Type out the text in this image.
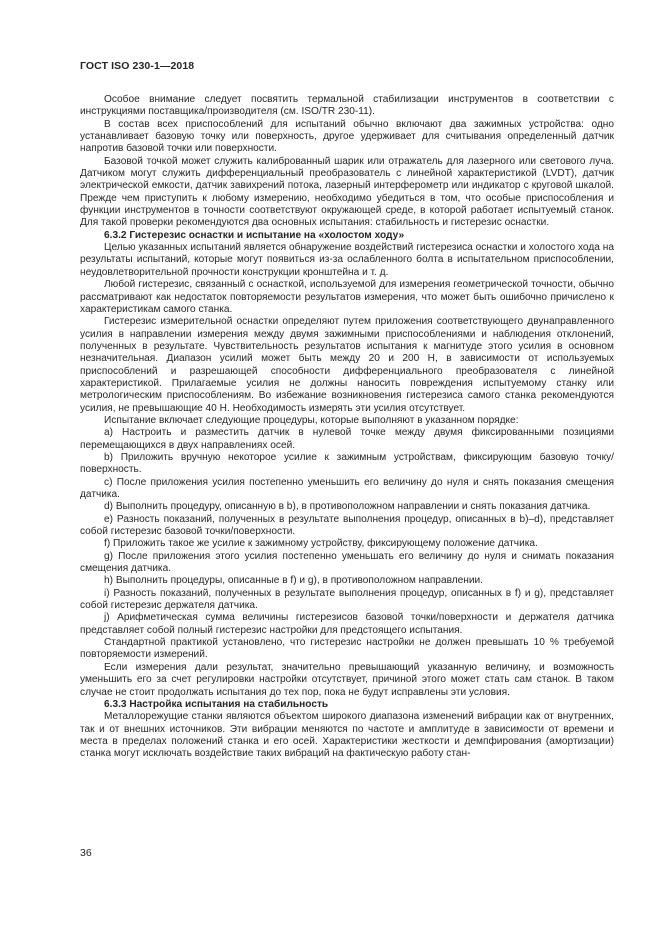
ГОСТ ISO 230-1—2018

Особое внимание следует посвятить термальной стабилизации инструментов в соответствии с инструкциями поставщика/производителя (см. ISO/TR 230-11).

В состав всех приспособлений для испытаний обычно включают два зажимных устройства: одно устанавливает базовую точку или поверхность, другое удерживает для считывания определенный датчик напротив базовой точки или поверхности.

Базовой точкой может служить калиброванный шарик или отражатель для лазерного или светового луча. Датчиком могут служить дифференциальный преобразователь с линейной характеристикой (LVDT), датчик электрической емкости, датчик завихрений потока, лазерный интерферометр или индикатор с круговой шкалой. Прежде чем приступить к любому измерению, необходимо убедиться в том, что особые приспособления и функции инструментов в точности соответствуют окружающей среде, в которой работает испытуемый станок. Для такой проверки рекомендуются два основных испытания: стабильность и гистерезис оснастки.

6.3.2 Гистерезис оснастки и испытание на «холостом ходу»

Целью указанных испытаний является обнаружение воздействий гистерезиса оснастки и холостого хода на результаты испытаний, которые могут появиться из-за ослабленного болта в испытательном приспособлении, неудовлетворительной прочности конструкции кронштейна и т. д.

Любой гистерезис, связанный с оснасткой, используемой для измерения геометрической точности, обычно рассматривают как недостаток повторяемости результатов измерения, что может быть ошибочно причислено к характеристикам самого станка.

Гистерезис измерительной оснастки определяют путем приложения соответствующего двунаправленного усилия в направлении измерения между двумя зажимными приспособлениями и наблюдения отклонений, полученных в результате. Чувствительность результатов испытания к магнитуде этого усилия в основном незначительная. Диапазон усилий может быть между 20 и 200 Н, в зависимости от используемых приспособлений и разрешающей способности дифференциального преобразователя с линейной характеристикой. Прилагаемые усилия не должны наносить повреждения испытуемому станку или метрологическим приспособлениям. Во избежание возникновения гистерезиса самого станка рекомендуются усилия, не превышающие 40 Н. Необходимость измерять эти усилия отсутствует.

Испытание включает следующие процедуры, которые выполняют в указанном порядке:

a) Настроить и разместить датчик в нулевой точке между двумя фиксированными позициями перемещающихся в двух направлениях осей.

b) Приложить вручную некоторое усилие к зажимным устройствам, фиксирующим базовую точку/поверхность.

c) После приложения усилия постепенно уменьшить его величину до нуля и снять показания смещения датчика.

d) Выполнить процедуру, описанную в b), в противоположном направлении и снять показания датчика.

e) Разность показаний, полученных в результате выполнения процедур, описанных в b)–d), представляет собой гистерезис базовой точки/поверхности.

f) Приложить такое же усилие к зажимному устройству, фиксирующему положение датчика.

g) После приложения этого усилия постепенно уменьшать его величину до нуля и снимать показания смещения датчика.

h) Выполнить процедуры, описанные в f) и g), в противоположном направлении.

i) Разность показаний, полученных в результате выполнения процедур, описанных в f) и g), представляет собой гистерезис держателя датчика.

j) Арифметическая сумма величины гистерезисов базовой точки/поверхности и держателя датчика представляет собой полный гистерезис настройки для предстоящего испытания.

Стандартной практикой установлено, что гистерезис настройки не должен превышать 10 % требуемой повторяемости измерений.

Если измерения дали результат, значительно превышающий указанную величину, и возможность уменьшить его за счет регулировки настройки отсутствует, причиной этого может стать сам станок. В таком случае не стоит продолжать испытания до тех пор, пока не будут исправлены эти условия.

6.3.3 Настройка испытания на стабильность

Металлорежущие станки являются объектом широкого диапазона изменений вибрации как от внутренних, так и от внешних источников. Эти вибрации меняются по частоте и амплитуде в зависимости от времени и места в пределах положений станка и его осей. Характеристики жесткости и демпфирования (амортизации) станка могут исключать воздействие таких вибраций на фактическую работу стан-

36
